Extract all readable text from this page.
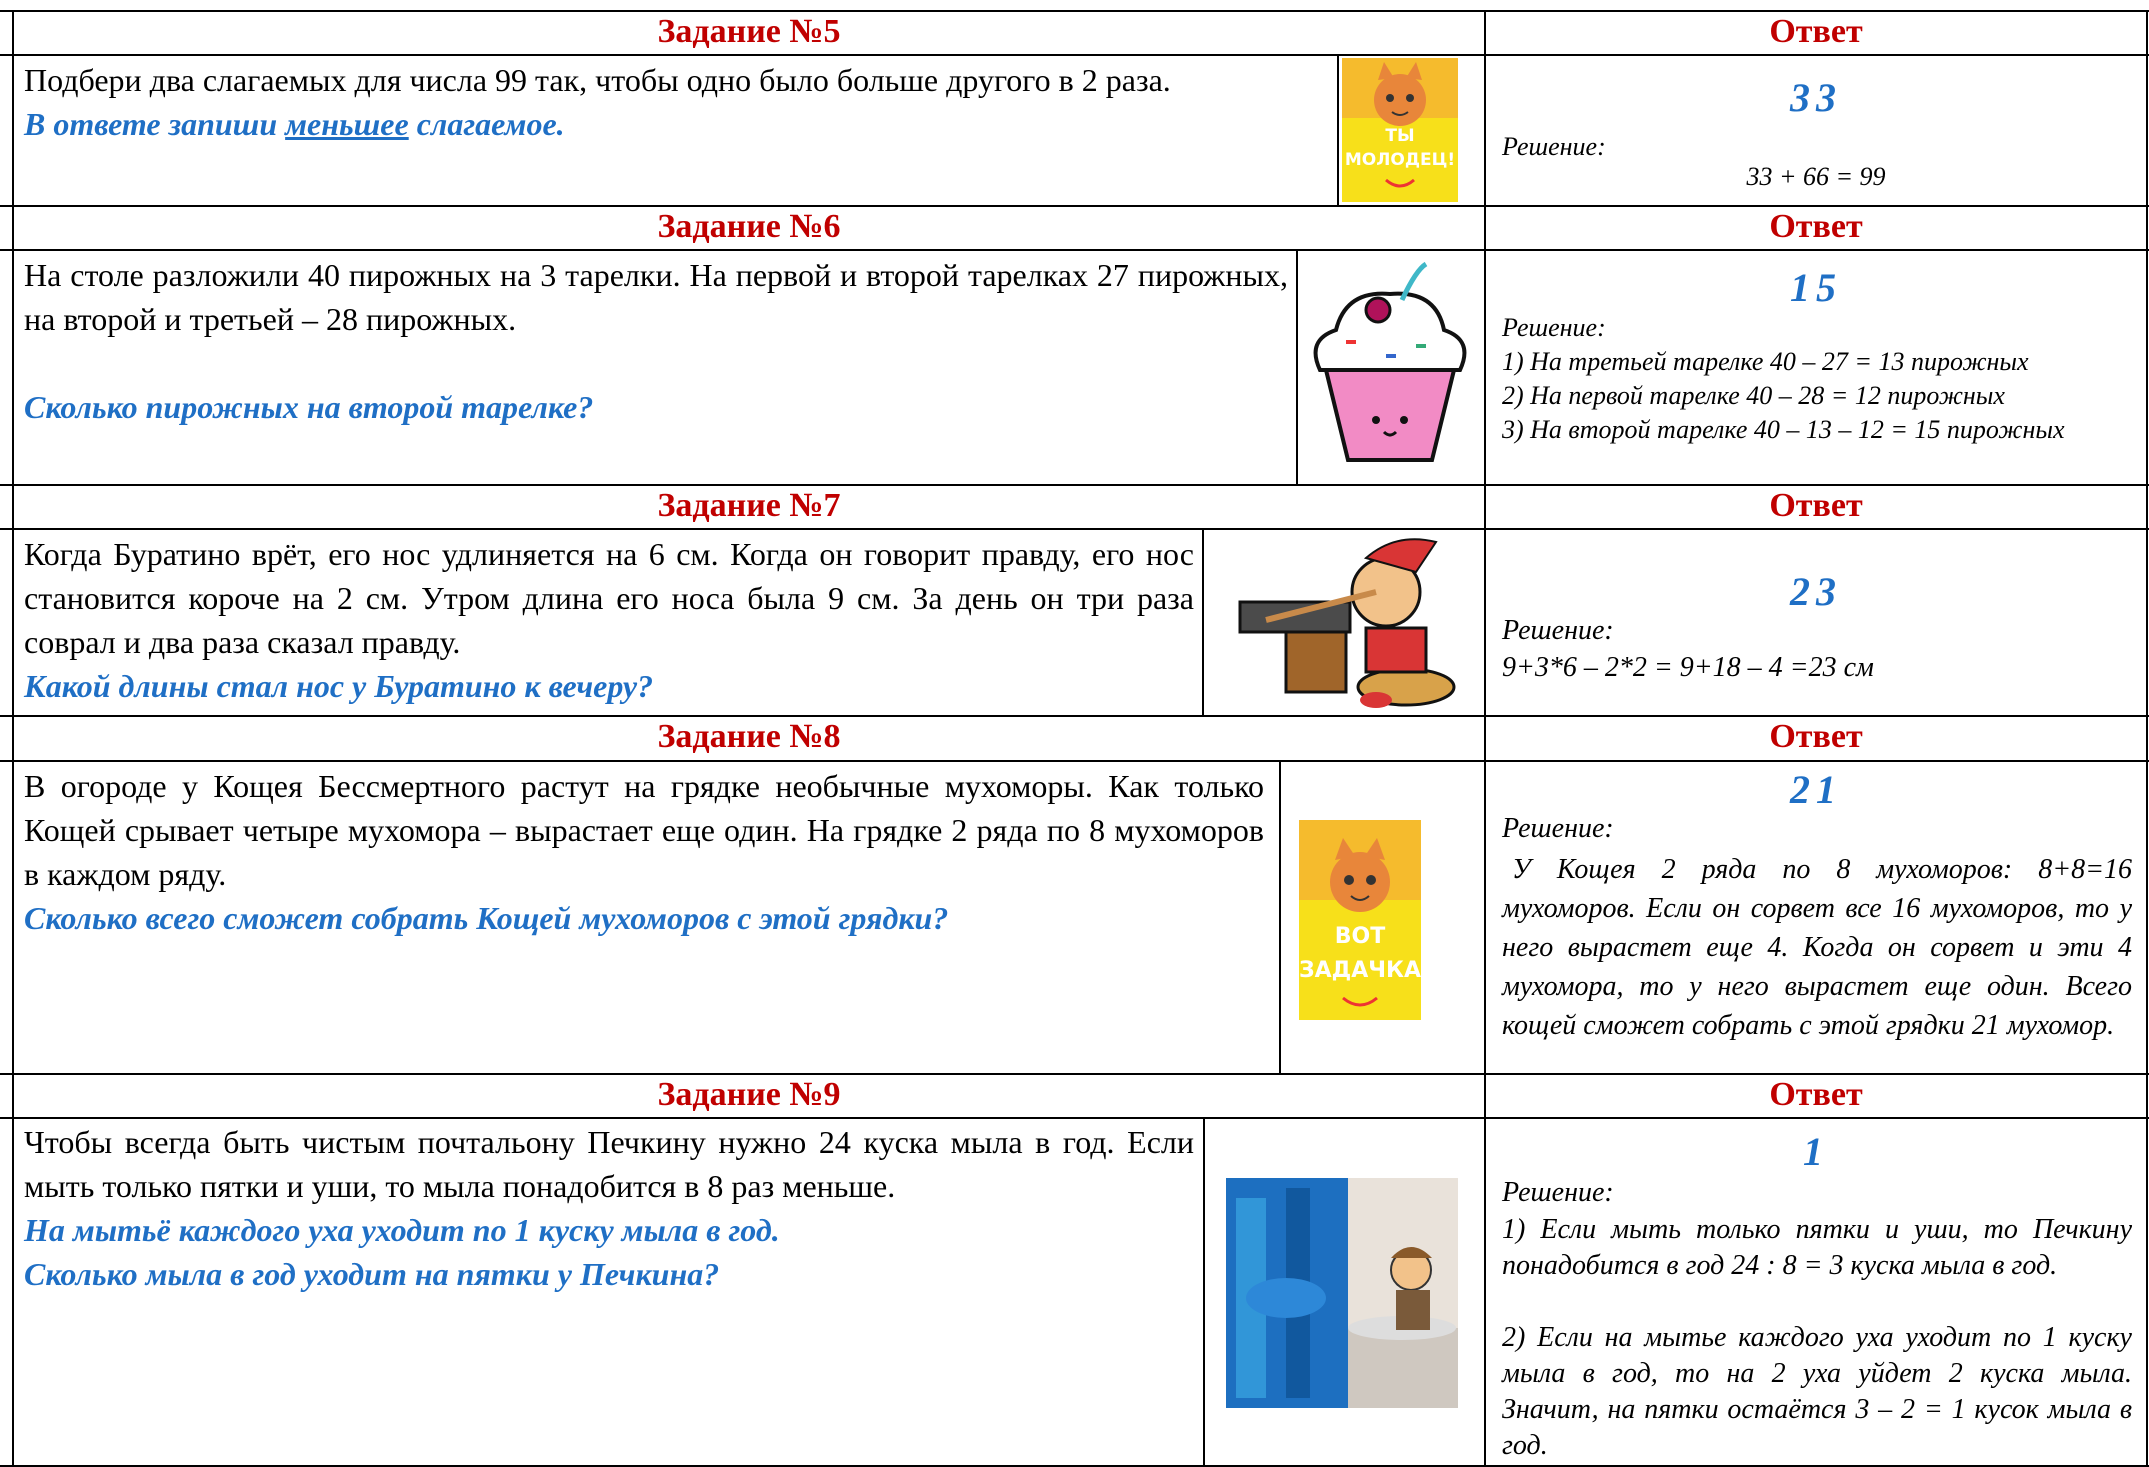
Задание №5	Ответ
Подбери два слагаемых для числа 99 так, чтобы одно было больше другого в 2 раза.
В ответе запиши меньшее слагаемое.	ТЫ МОЛОДЕЦ!
33
Решение:
33 + 66 = 99
Задание №6	Ответ
На столе разложили 40 пирожных на 3 тарелки. На первой и второй тарелках 27 пирожных, на второй и третьей – 28 пирожных.

Сколько пирожных на второй тарелке?
15
Решение:
1) На третьей тарелке 40 – 27 = 13 пирожных
2) На первой тарелке 40 – 28 = 12 пирожных
3) На второй тарелке 40 – 13 – 12 = 15 пирожных
Задание №7	Ответ
Когда Буратино врёт, его нос удлиняется на 6 см. Когда он говорит правду, его нос становится короче на 2 см. Утром длина его носа была 9 см. За день он три раза соврал и два раза сказал правду.
Какой длины стал нос у Буратино к вечеру?
23
Решение:
9+3*6 – 2*2 = 9+18 – 4 =23 см
Задание №8	Ответ
В огороде у Кощея Бессмертного растут на грядке необычные мухоморы. Как только Кощей срывает четыре мухомора – вырастает еще один. На грядке 2 ряда по 8 мухоморов в каждом ряду.
Сколько всего сможет собрать Кощей мухоморов с этой грядки?
ВОТ ЗАДАЧКА!
21
Решение:
У Кощея 2 ряда по 8 мухоморов: 8+8=16 мухоморов. Если он сорвет все 16 мухоморов, то у него вырастет еще 4. Когда он сорвет и эти 4 мухомора, то у него вырастет еще один. Всего кощей сможет собрать с этой грядки 21 мухомор.
Задание №9	Ответ
Чтобы всегда быть чистым почтальону Печкину нужно 24 куска мыла в год. Если мыть только пятки и уши, то мыла понадобится в 8 раз меньше.
На мытьё каждого уха уходит по 1 куску мыла в год.
Сколько мыла в год уходит на пятки у Печкина?
1
Решение:
1) Если мыть только пятки и уши, то Печкину понадобится в год 24 : 8 = 3 куска мыла в год.
2) Если на мытье каждого уха уходит по 1 куску мыла в год, то на 2 уха уйдет 2 куска мыла. Значит, на пятки остаётся 3 – 2 = 1 кусок мыла в год.
